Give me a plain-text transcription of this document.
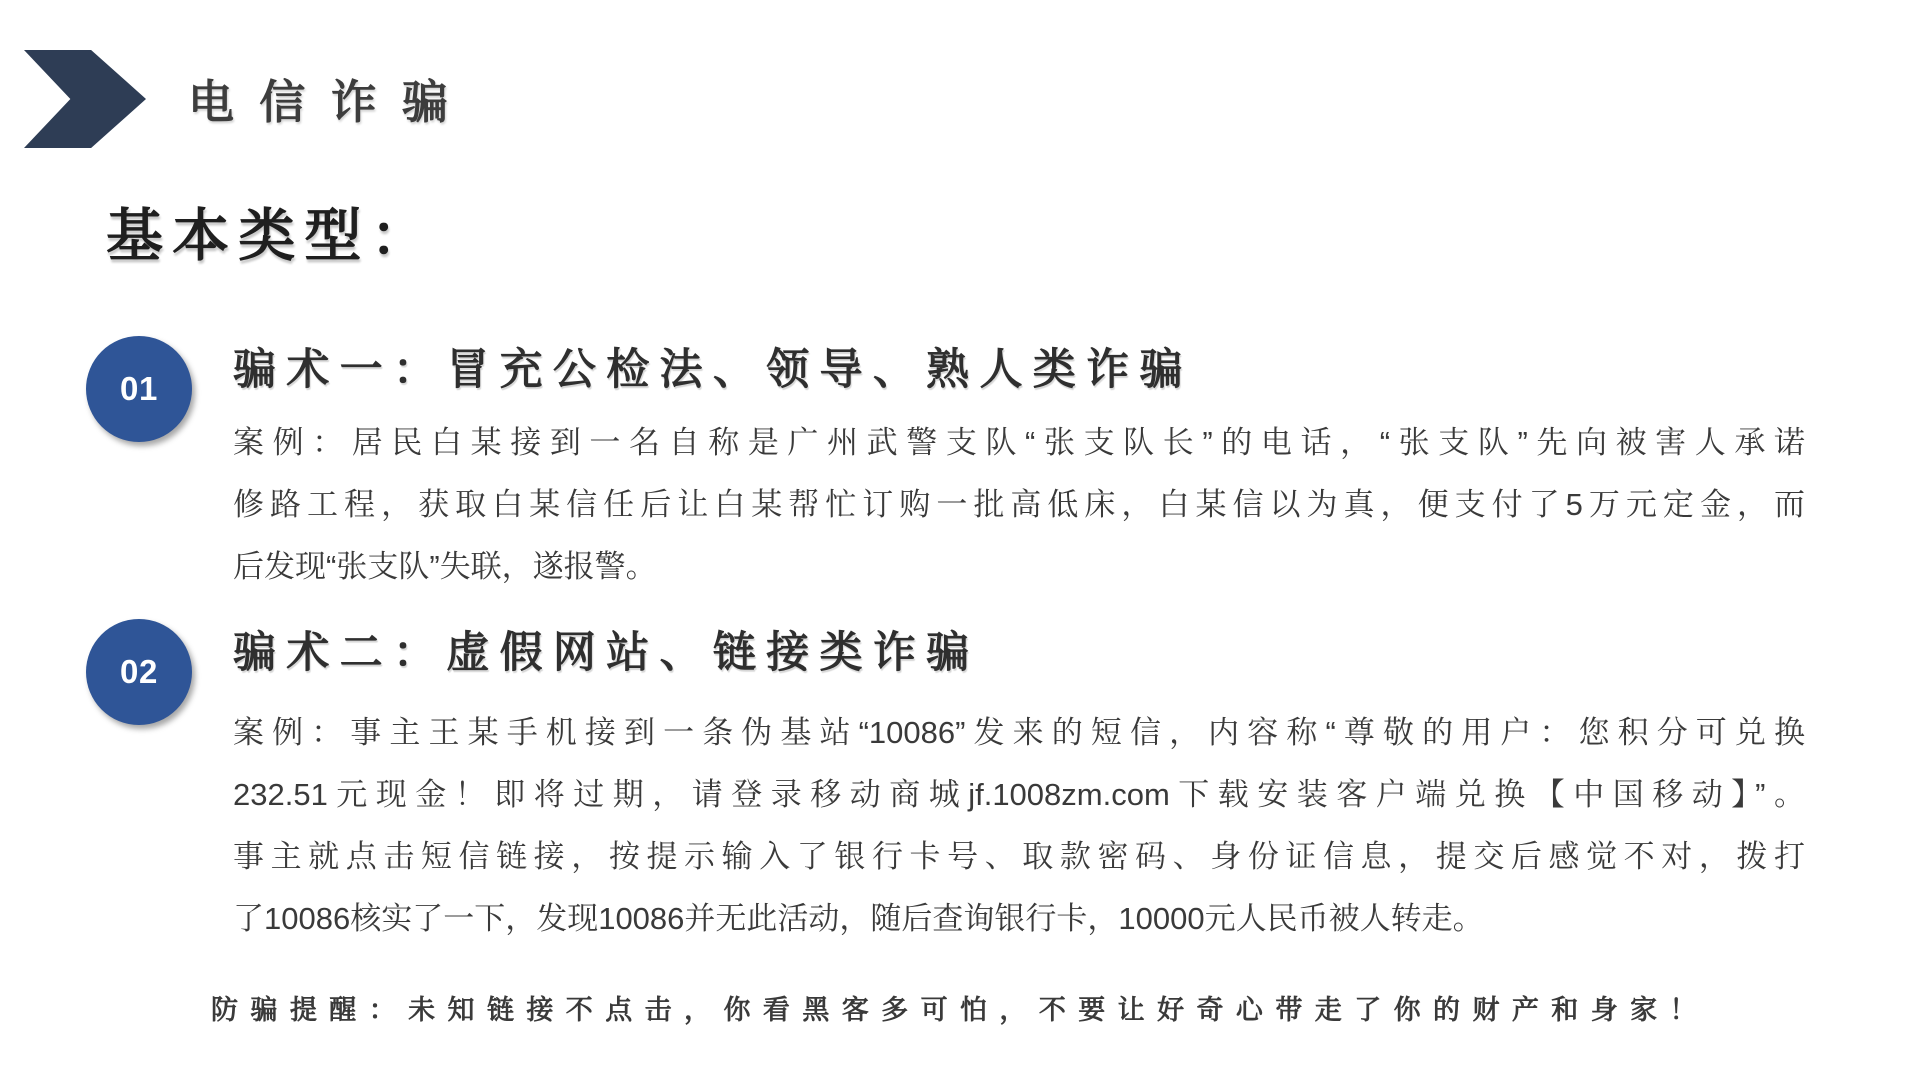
电信诈骗
基本类型：
01	骗术一：冒充公检法、领导、熟人类诈骗
案例：居民白某接到一名自称是广州武警支队“张支队长”的电话，“张支队”先向被害人承诺
修路工程，获取白某信任后让白某帮忙订购一批高低床，白某信以为真，便支付了5万元定金，而
后发现“张支队”失联，遂报警。
02	骗术二：虚假网站、链接类诈骗
案例：事主王某手机接到一条伪基站“10086”发来的短信，内容称“尊敬的用户：您积分可兑换
232.51元现金！即将过期，请登录移动商城jf.1008zm.com下载安装客户端兑换【中国移动】”。
事主就点击短信链接，按提示输入了银行卡号、取款密码、身份证信息，提交后感觉不对，拨打
了10086核实了一下，发现10086并无此活动，随后查询银行卡，10000元人民币被人转走。

防骗提醒：未知链接不点击，你看黑客多可怕，不要让好奇心带走了你的财产和身家！
